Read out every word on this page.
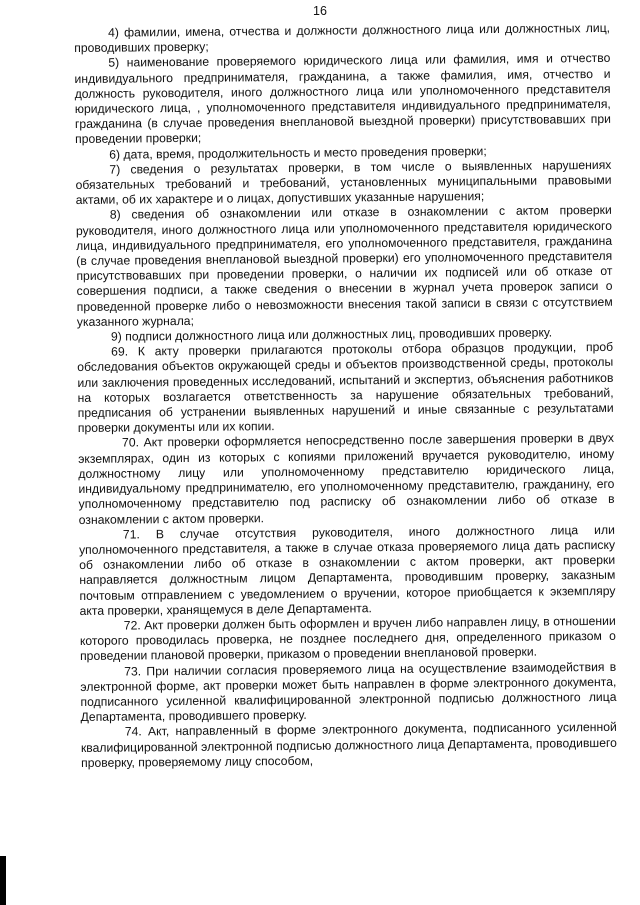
16

4) фамилии, имена, отчества и должности должностного лица или должностных лиц, проводивших проверку;

5) наименование проверяемого юридического лица или фамилия, имя и отчество индивидуального предпринимателя, гражданина, а также фамилия, имя, отчество и должность руководителя, иного должностного лица или уполномоченного представителя юридического лица, , уполномоченного представителя индивидуального предпринимателя, гражданина (в случае проведения внеплановой выездной проверки) присутствовавших при проведении проверки;

6) дата, время, продолжительность и место проведения проверки;

7) сведения о результатах проверки, в том числе о выявленных нарушениях обязательных требований и требований, установленных муниципальными правовыми актами, об их характере и о лицах, допустивших указанные нарушения;

8) сведения об ознакомлении или отказе в ознакомлении с актом проверки руководителя, иного должностного лица или уполномоченного представителя юридического лица, индивидуального предпринимателя, его уполномоченного представителя, гражданина (в случае проведения внеплановой выездной проверки) его уполномоченного представителя присутствовавших при проведении проверки, о наличии их подписей или об отказе от совершения подписи, а также сведения о внесении в журнал учета проверок записи о проведенной проверке либо о невозможности внесения такой записи в связи с отсутствием указанного журнала;

9) подписи должностного лица или должностных лиц, проводивших проверку.

69. К акту проверки прилагаются протоколы отбора образцов продукции, проб обследования объектов окружающей среды и объектов производственной среды, протоколы или заключения проведенных исследований, испытаний и экспертиз, объяснения работников на которых возлагается ответственность за нарушение обязательных требований, предписания об устранении выявленных нарушений и иные связанные с результатами проверки документы или их копии.

70. Акт проверки оформляется непосредственно после завершения проверки в двух экземплярах, один из которых с копиями приложений вручается руководителю, иному должностному лицу или уполномоченному представителю юридического лица, индивидуальному предпринимателю, его уполномоченному представителю, гражданину, его уполномоченному представителю под расписку об ознакомлении либо об отказе в ознакомлении с актом проверки.

71. В случае отсутствия руководителя, иного должностного лица или уполномоченного представителя, а также в случае отказа проверяемого лица дать расписку об ознакомлении либо об отказе в ознакомлении с актом проверки, акт проверки направляется должностным лицом Департамента, проводившим проверку, заказным почтовым отправлением с уведомлением о вручении, которое приобщается к экземпляру акта проверки, хранящемуся в деле Департамента.

72. Акт проверки должен быть оформлен и вручен либо направлен лицу, в отношении которого проводилась проверка, не позднее последнего дня, определенного приказом о проведении плановой проверки, приказом о проведении внеплановой проверки.

73. При наличии согласия проверяемого лица на осуществление взаимодействия в электронной форме, акт проверки может быть направлен в форме электронного документа, подписанного усиленной квалифицированной электронной подписью должностного лица Департамента, проводившего проверку.

74. Акт, направленный в форме электронного документа, подписанного усиленной квалифицированной электронной подписью должностного лица Департамента, проводившего проверку, проверяемому лицу способом,
